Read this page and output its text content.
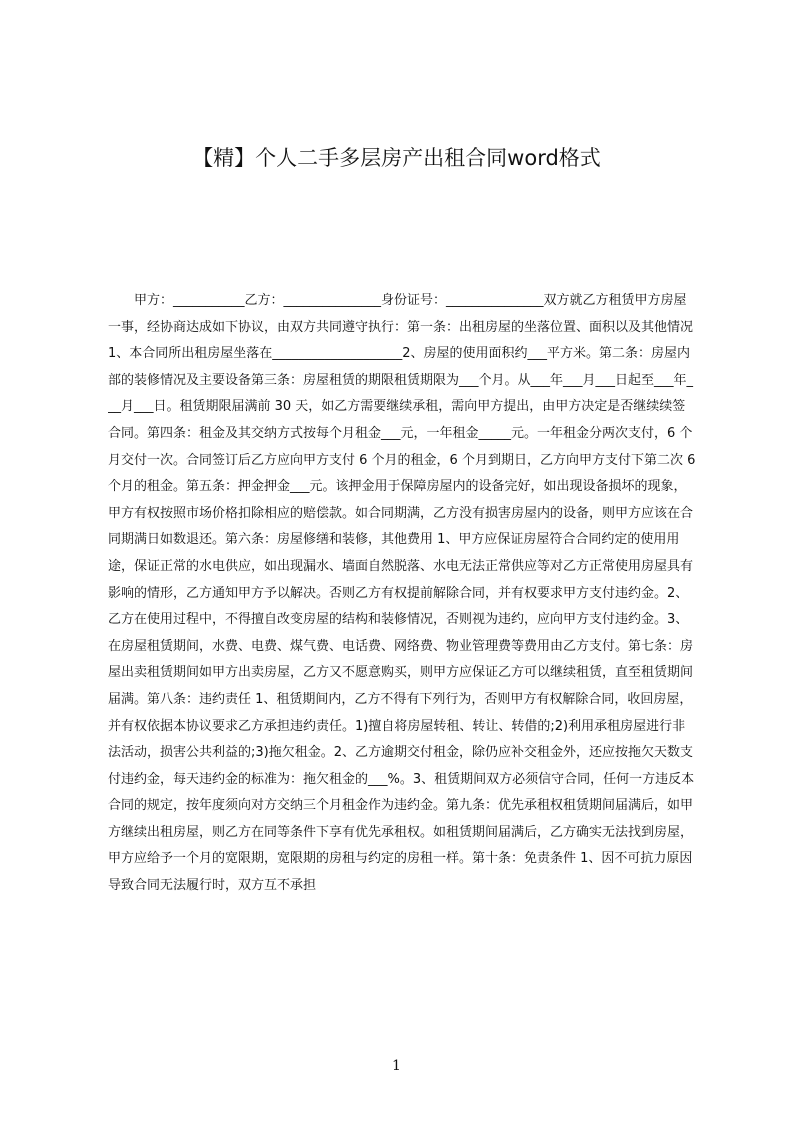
【精】个人二手多层房产出租合同word格式

甲方：___________乙方：_______________身份证号：_______________双方就乙方租赁甲方房屋一事，经协商达成如下协议，由双方共同遵守执行：第一条：出租房屋的坐落位置、面积以及其他情况 1、本合同所出租房屋坐落在____________________2、房屋的使用面积约___平方米。第二条：房屋内部的装修情况及主要设备第三条：房屋租赁的期限租赁期限为___个月。从___年___月___日起至___年___月___日。租赁期限届满前 30 天，如乙方需要继续承租，需向甲方提出，由甲方决定是否继续续签合同。第四条：租金及其交纳方式按每个月租金___元，一年租金_____元。一年租金分两次支付，6 个月交付一次。合同签订后乙方应向甲方支付 6 个月的租金，6 个月到期日，乙方向甲方支付下第二次 6 个月的租金。第五条：押金押金___元。该押金用于保障房屋内的设备完好，如出现设备损坏的现象，甲方有权按照市场价格扣除相应的赔偿款。如合同期满，乙方没有损害房屋内的设备，则甲方应该在合同期满日如数退还。第六条：房屋修缮和装修，其他费用 1、甲方应保证房屋符合合同约定的使用用途，保证正常的水电供应，如出现漏水、墙面自然脱落、水电无法正常供应等对乙方正常使用房屋具有影响的情形，乙方通知甲方予以解决。否则乙方有权提前解除合同，并有权要求甲方支付违约金。2、乙方在使用过程中，不得擅自改变房屋的结构和装修情况，否则视为违约，应向甲方支付违约金。3、在房屋租赁期间，水费、电费、煤气费、电话费、网络费、物业管理费等费用由乙方支付。第七条：房屋出卖租赁期间如甲方出卖房屋，乙方又不愿意购买，则甲方应保证乙方可以继续租赁，直至租赁期间届满。第八条：违约责任 1、租赁期间内，乙方不得有下列行为，否则甲方有权解除合同，收回房屋，并有权依据本协议要求乙方承担违约责任。1)擅自将房屋转租、转让、转借的;2)利用承租房屋进行非法活动，损害公共利益的;3)拖欠租金。2、乙方逾期交付租金，除仍应补交租金外，还应按拖欠天数支付违约金，每天违约金的标准为：拖欠租金的___%。3、租赁期间双方必须信守合同，任何一方违反本合同的规定，按年度须向对方交纳三个月租金作为违约金。第九条：优先承租权租赁期间届满后，如甲方继续出租房屋，则乙方在同等条件下享有优先承租权。如租赁期间届满后，乙方确实无法找到房屋，甲方应给予一个月的宽限期，宽限期的房租与约定的房租一样。第十条：免责条件 1、因不可抗力原因导致合同无法履行时，双方互不承担

1
